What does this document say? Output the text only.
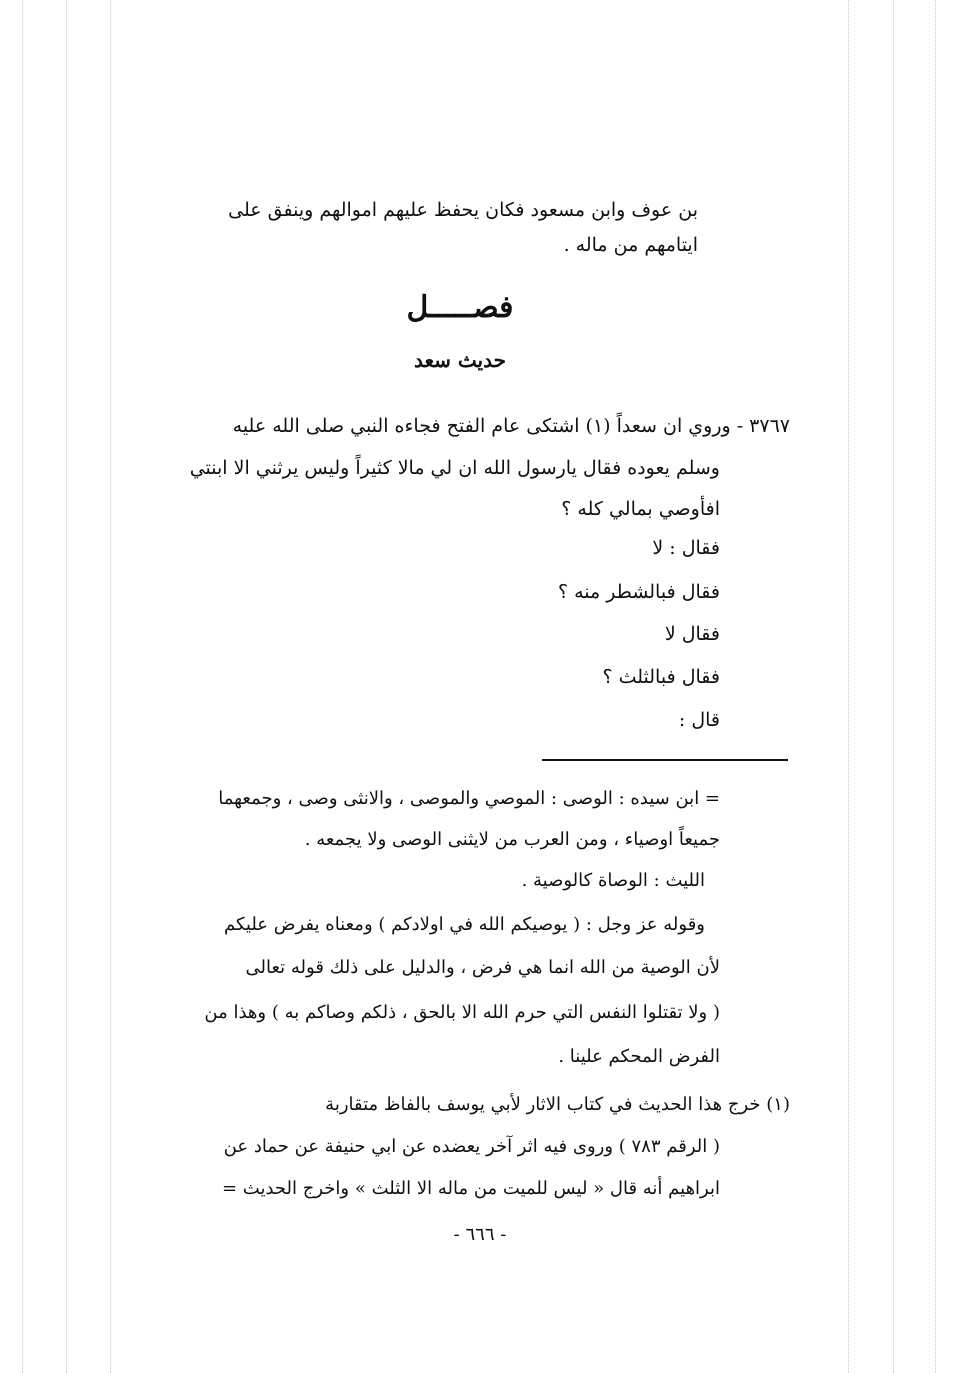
بن عوف وابن مسعود فكان يحفظ عليهم اموالهم وينفق على
ايتامهم من ماله .
فصـــــل
حديث سعد
٣٧٦٧ - وروي ان سعداً (١) اشتكى عام الفتح فجاءه النبي صلى الله عليه
وسلم يعوده فقال يارسول الله ان لي مالا كثيراً وليس يرثني الا ابنتي
افأوصي بمالي كله ؟
فقال : لا
فقال فبالشطر منه ؟
فقال لا
فقال فبالثلث ؟
قال :
= ابن سيده : الوصى : الموصي والموصى ، والانثى وصى ، وجمعهما
جميعاً اوصياء ، ومن العرب من لايثنى الوصى ولا يجمعه .
الليث : الوصاة كالوصية .
وقوله عز وجل : ( يوصيكم الله في اولادكم ) ومعناه يفرض عليكم
لأن الوصية من الله انما هي فرض ، والدليل على ذلك قوله تعالى
( ولا تقتلوا النفس التي حرم الله الا بالحق ، ذلكم وصاكم به ) وهذا من
الفرض المحكم علينا .
(١) خرج هذا الحديث في كتاب الاثار لأبي يوسف بالفاظ متقاربة
( الرقم ٧٨٣ ) وروى فيه اثر آخر يعضده عن ابي حنيفة عن حماد عن
ابراهيم أنه قال « ليس للميت من ماله الا الثلث » واخرج الحديث =
- ٦٦٦ -
